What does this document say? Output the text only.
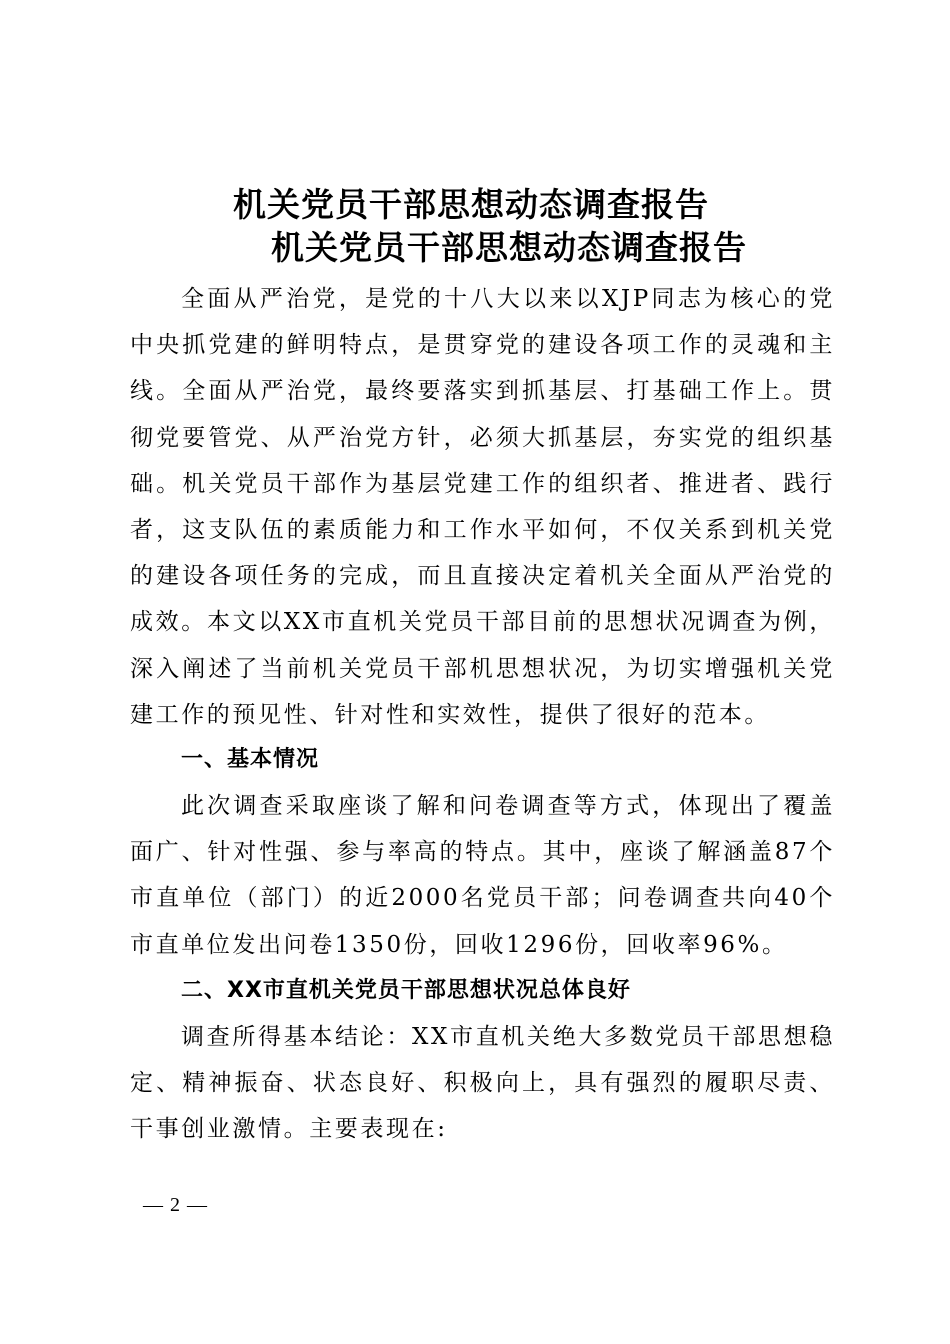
机关党员干部思想动态调查报告
机关党员干部思想动态调查报告

全面从严治党，是党的十八大以来以XJP同志为核心的党中央抓党建的鲜明特点，是贯穿党的建设各项工作的灵魂和主线。全面从严治党，最终要落实到抓基层、打基础工作上。贯彻党要管党、从严治党方针，必须大抓基层，夯实党的组织基础。机关党员干部作为基层党建工作的组织者、推进者、践行者，这支队伍的素质能力和工作水平如何，不仅关系到机关党的建设各项任务的完成，而且直接决定着机关全面从严治党的成效。本文以XX市直机关党员干部目前的思想状况调查为例，深入阐述了当前机关党员干部机思想状况，为切实增强机关党建工作的预见性、针对性和实效性，提供了很好的范本。

一、基本情况

此次调查采取座谈了解和问卷调查等方式，体现出了覆盖面广、针对性强、参与率高的特点。其中，座谈了解涵盖87个市直单位（部门）的近2000名党员干部；问卷调查共向40个市直单位发出问卷1350份，回收1296份，回收率96%。

二、XX市直机关党员干部思想状况总体良好

调查所得基本结论：XX市直机关绝大多数党员干部思想稳定、精神振奋、状态良好、积极向上，具有强烈的履职尽责、干事创业激情。主要表现在:

— 2 —
